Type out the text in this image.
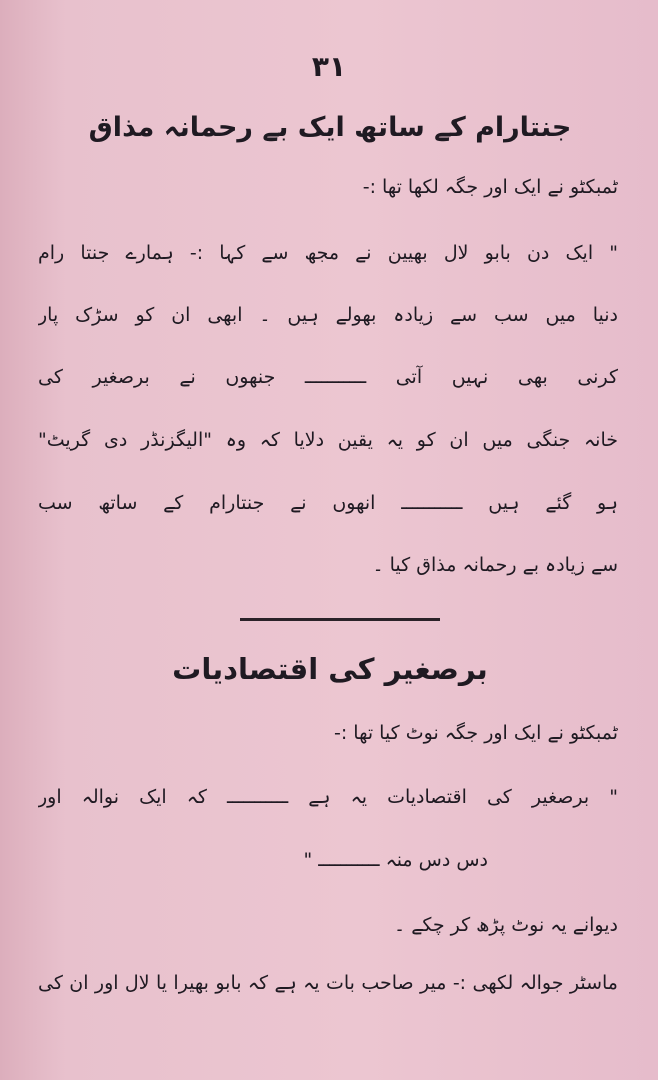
۳۱
جنتارام کے ساتھ ایک بے رحمانہ مذاق
ٹمبکٹو نے ایک اور جگہ لکھا تھا :-
" ایک دن بابو لال بھیین نے مجھ سے کہا :- ہمارے جنتا رام
دنیا میں سب سے زیادہ بھولے ہیں ۔ ابھی ان کو سڑک پار
کرنی بھی نہیں آتی ـــــــــــ جنھوں نے برصغیر کی
خانہ جنگی میں ان کو یہ یقین دلایا کہ وہ "الیگزنڈر دی گریٹ"
ہو گئے ہیں ـــــــــــ انھوں نے جنتارام کے ساتھ سب
سے زیادہ بے رحمانہ مذاق کیا ۔
برصغیر کی اقتصادیات
ٹمبکٹو نے ایک اور جگہ نوٹ کیا تھا :-
" برصغیر کی اقتصادیات یہ ہے ـــــــــــ کہ ایک نوالہ اور
دس دس منہ ـــــــــــ "
دیوانے یہ نوٹ پڑھ کر چکے ۔
ماسٹر جوالہ لکھی :- میر صاحب بات یہ ہے کہ بابو بھیرا یا لال اور ان کی
